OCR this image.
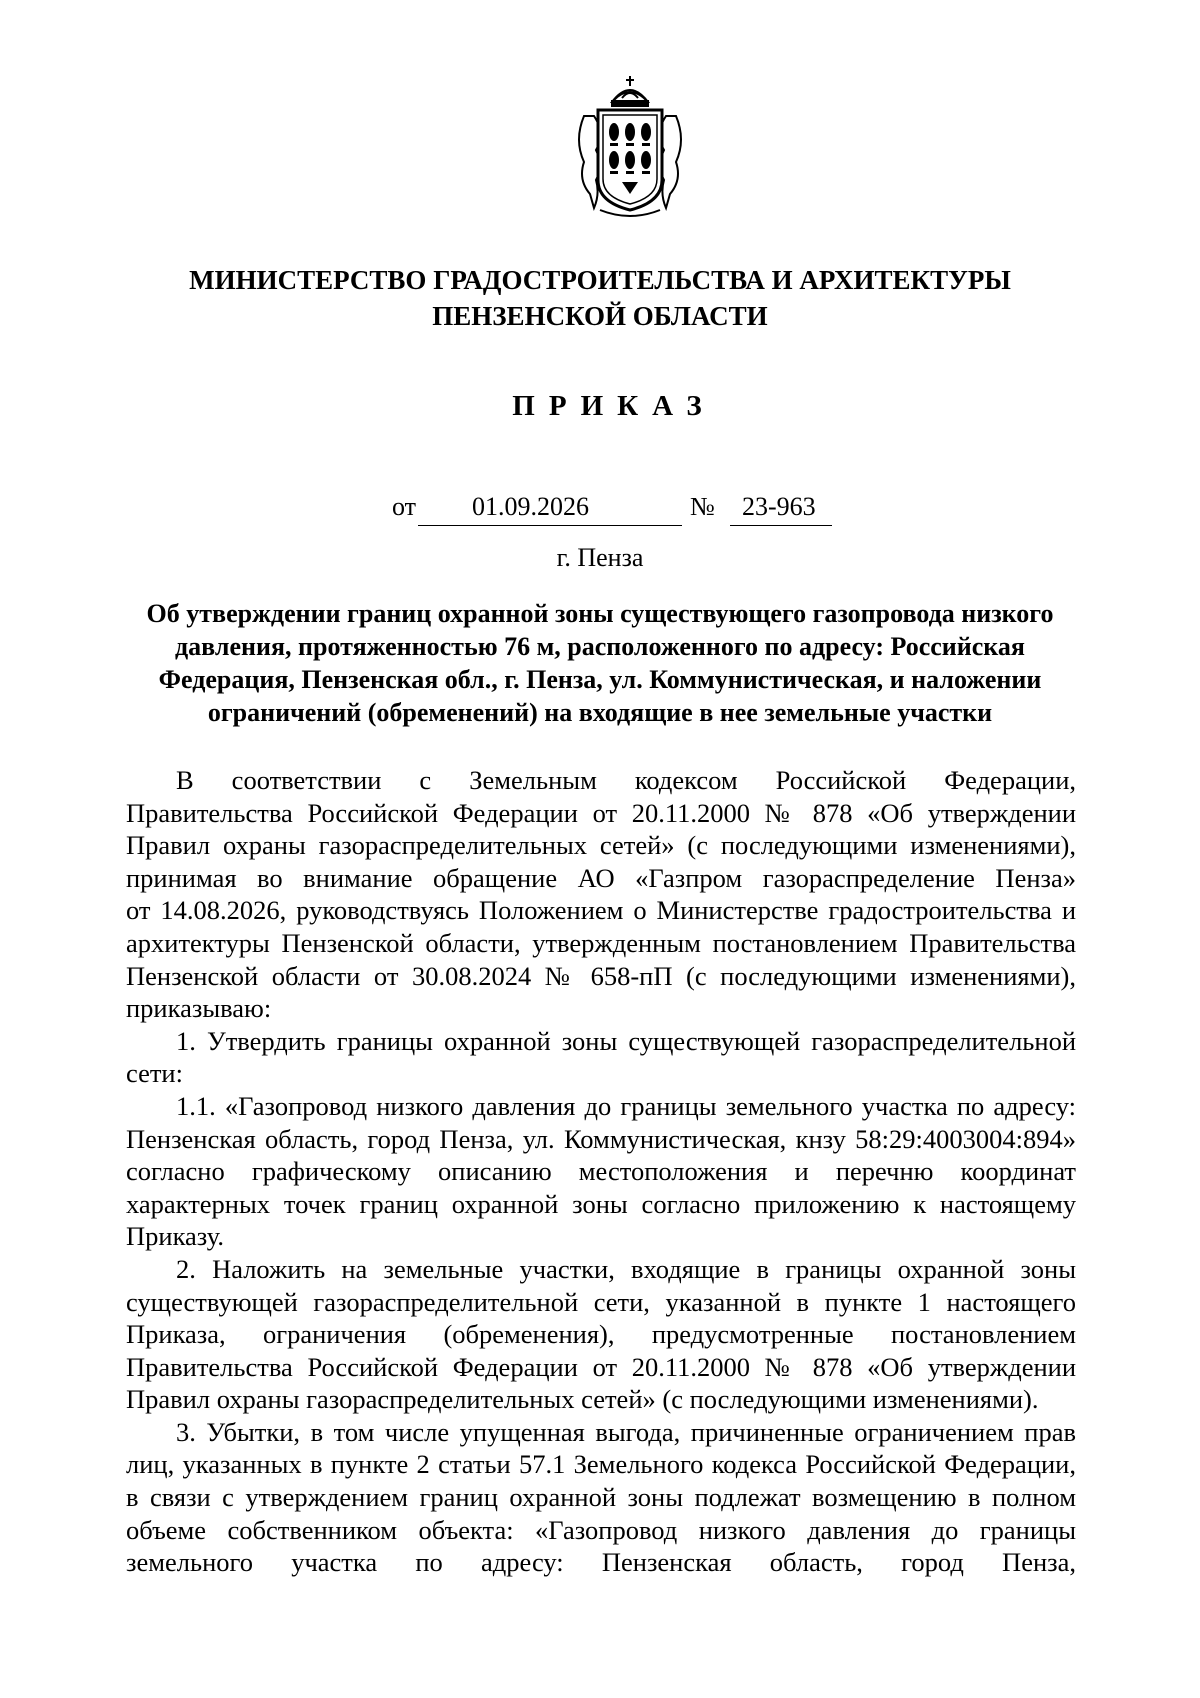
МИНИСТЕРСТВО ГРАДОСТРОИТЕЛЬСТВА И АРХИТЕКТУРЫ
ПЕНЗЕНСКОЙ ОБЛАСТИ
ПРИКАЗ
от 01.09.2026	№ 23-963
г. Пенза
Об утверждении границ охранной зоны существующего газопровода низкого
давления, протяженностью 76 м, расположенного по адресу: Российская
Федерация, Пензенская обл., г. Пенза, ул. Коммунистическая, и наложении
ограничений (обременений) на входящие в нее земельные участки
В соответствии с Земельным кодексом Российской Федерации,
Правительства Российской Федерации от 20.11.2000 № 878 «Об утверждении
Правил охраны газораспределительных сетей» (с последующими изменениями),
принимая во внимание обращение АО «Газпром газораспределение Пенза»
от 14.08.2026, руководствуясь Положением о Министерстве градостроительства и
архитектуры Пензенской области, утвержденным постановлением Правительства
Пензенской области от 30.08.2024 № 658-пП (с последующими изменениями),
приказываю:
1. Утвердить границы охранной зоны существующей газораспределительной
сети:
1.1. «Газопровод низкого давления до границы земельного участка по адресу:
Пензенская область, город Пенза, ул. Коммунистическая, кнзу 58:29:4003004:894»
согласно графическому описанию местоположения и перечню координат
характерных точек границ охранной зоны согласно приложению к настоящему
Приказу.
2. Наложить на земельные участки, входящие в границы охранной зоны
существующей газораспределительной сети, указанной в пункте 1 настоящего
Приказа, ограничения (обременения), предусмотренные постановлением
Правительства Российской Федерации от 20.11.2000 № 878 «Об утверждении
Правил охраны газораспределительных сетей» (с последующими изменениями).
3. Убытки, в том числе упущенная выгода, причиненные ограничением прав
лиц, указанных в пункте 2 статьи 57.1 Земельного кодекса Российской Федерации,
в связи с утверждением границ охранной зоны подлежат возмещению в полном
объеме собственником объекта: «Газопровод низкого давления до границы
земельного участка по адресу: Пензенская область, город Пенза,
